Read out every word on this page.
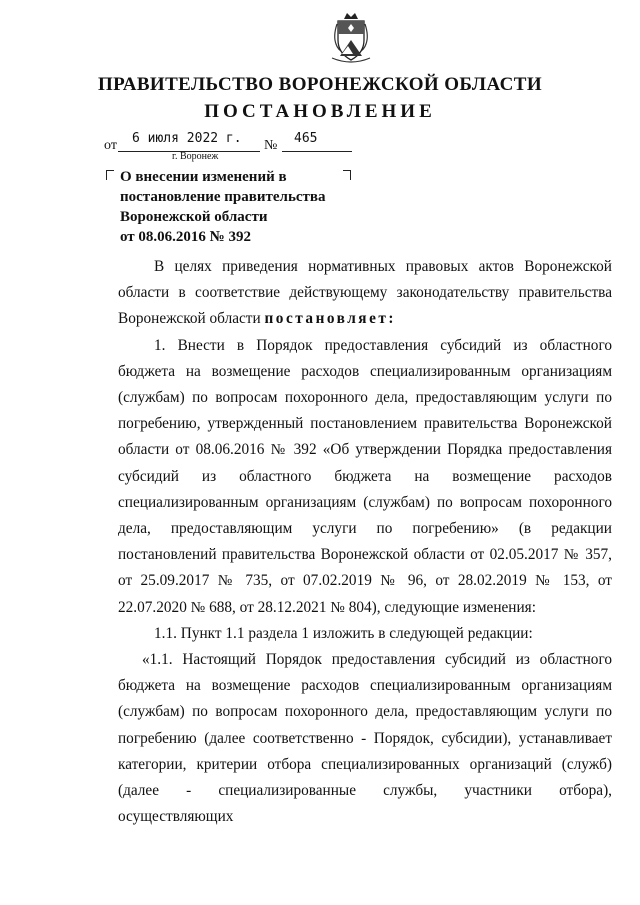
ПРАВИТЕЛЬСТВО ВОРОНЕЖСКОЙ ОБЛАСТИ
ПОСТАНОВЛЕНИЕ
от 6 июля 2022 г. № 465
г. Воронеж
О внесении изменений в
постановление правительства
Воронежской области
от 08.06.2016 № 392

В целях приведения нормативных правовых актов Воронежской области в соответствие действующему законодательству правительства Воронежской области постановляет:

1. Внести в Порядок предоставления субсидий из областного бюджета на возмещение расходов специализированным организациям (службам) по вопросам похоронного дела, предоставляющим услуги по погребению, утвержденный постановлением правительства Воронежской области от 08.06.2016 № 392 «Об утверждении Порядка предоставления субсидий из областного бюджета на возмещение расходов специализированным организациям (службам) по вопросам похоронного дела, предоставляющим услуги по погребению» (в редакции постановлений правительства Воронежской области от 02.05.2017 № 357, от 25.09.2017 № 735, от 07.02.2019 № 96, от 28.02.2019 № 153, от 22.07.2020 № 688, от 28.12.2021 № 804), следующие изменения:

1.1. Пункт 1.1 раздела 1 изложить в следующей редакции:

«1.1. Настоящий Порядок предоставления субсидий из областного бюджета на возмещение расходов специализированным организациям (службам) по вопросам похоронного дела, предоставляющим услуги по погребению (далее соответственно - Порядок, субсидии), устанавливает категории, критерии отбора специализированных организаций (служб) (далее - специализированные службы, участники отбора), осуществляющих
